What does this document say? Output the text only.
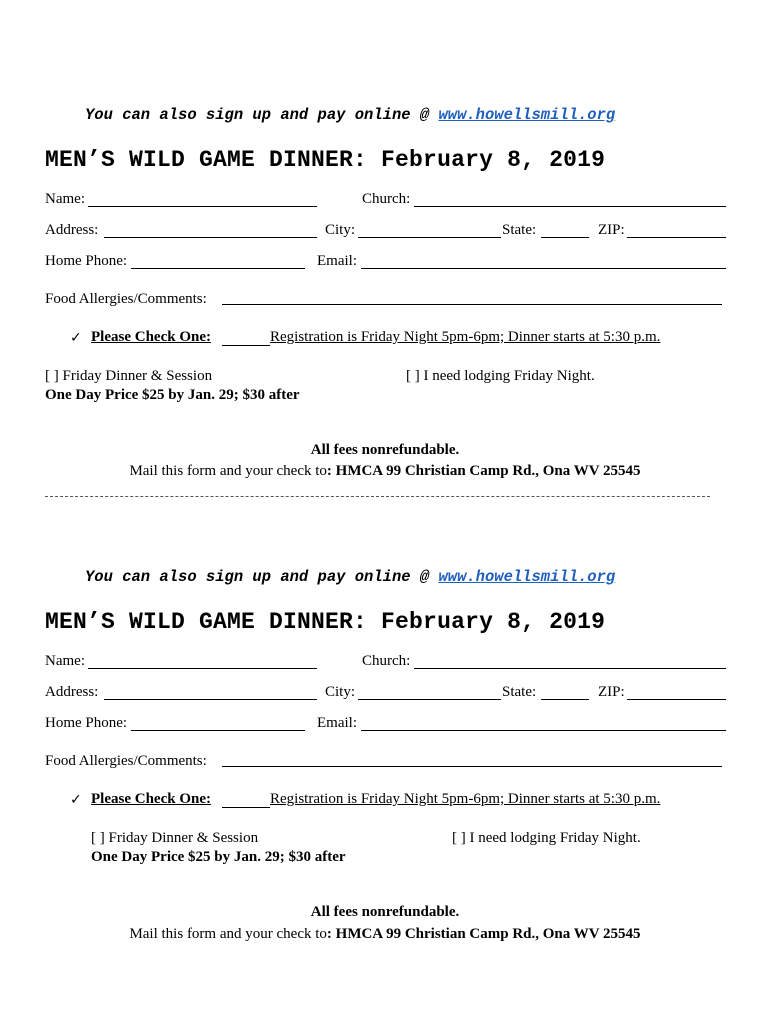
You can also sign up and pay online @ www.howellsmill.org
MEN’S WILD GAME DINNER: February 8, 2019
Name:	Church:
Address:	City:	State:	ZIP:
Home Phone:	Email:
Food Allergies/Comments:
✓ Please Check One:	Registration is Friday Night 5pm-6pm; Dinner starts at 5:30 p.m.
[ ] Friday Dinner & Session	[ ] I need lodging Friday Night.
One Day Price $25 by Jan. 29; $30 after
All fees nonrefundable.
Mail this form and your check to: HMCA 99 Christian Camp Rd., Ona WV 25545
You can also sign up and pay online @ www.howellsmill.org
MEN’S WILD GAME DINNER: February 8, 2019
Name:	Church:
Address:	City:	State:	ZIP:
Home Phone:	Email:
Food Allergies/Comments:
✓ Please Check One:	Registration is Friday Night 5pm-6pm; Dinner starts at 5:30 p.m.
[ ] Friday Dinner & Session	[ ] I need lodging Friday Night.
One Day Price $25 by Jan. 29; $30 after
All fees nonrefundable.
Mail this form and your check to: HMCA 99 Christian Camp Rd., Ona WV 25545
